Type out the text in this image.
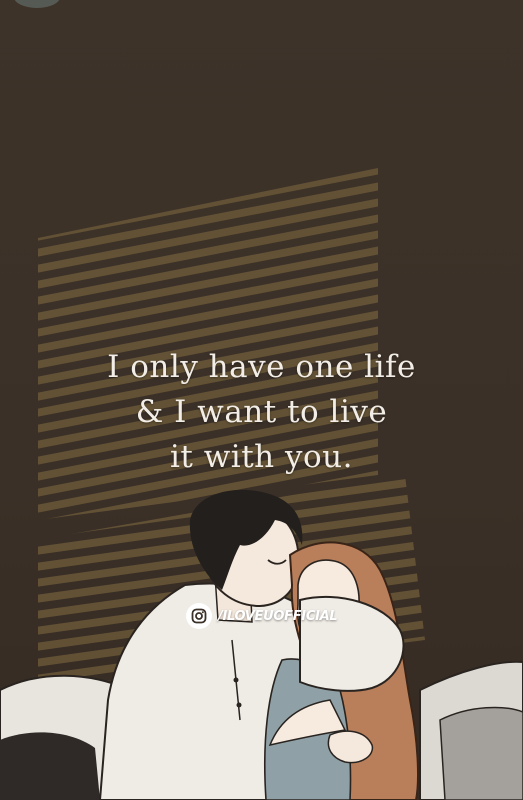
I only have one life
& I want to live
it with you.
/ILOVEUOFFICIAL
